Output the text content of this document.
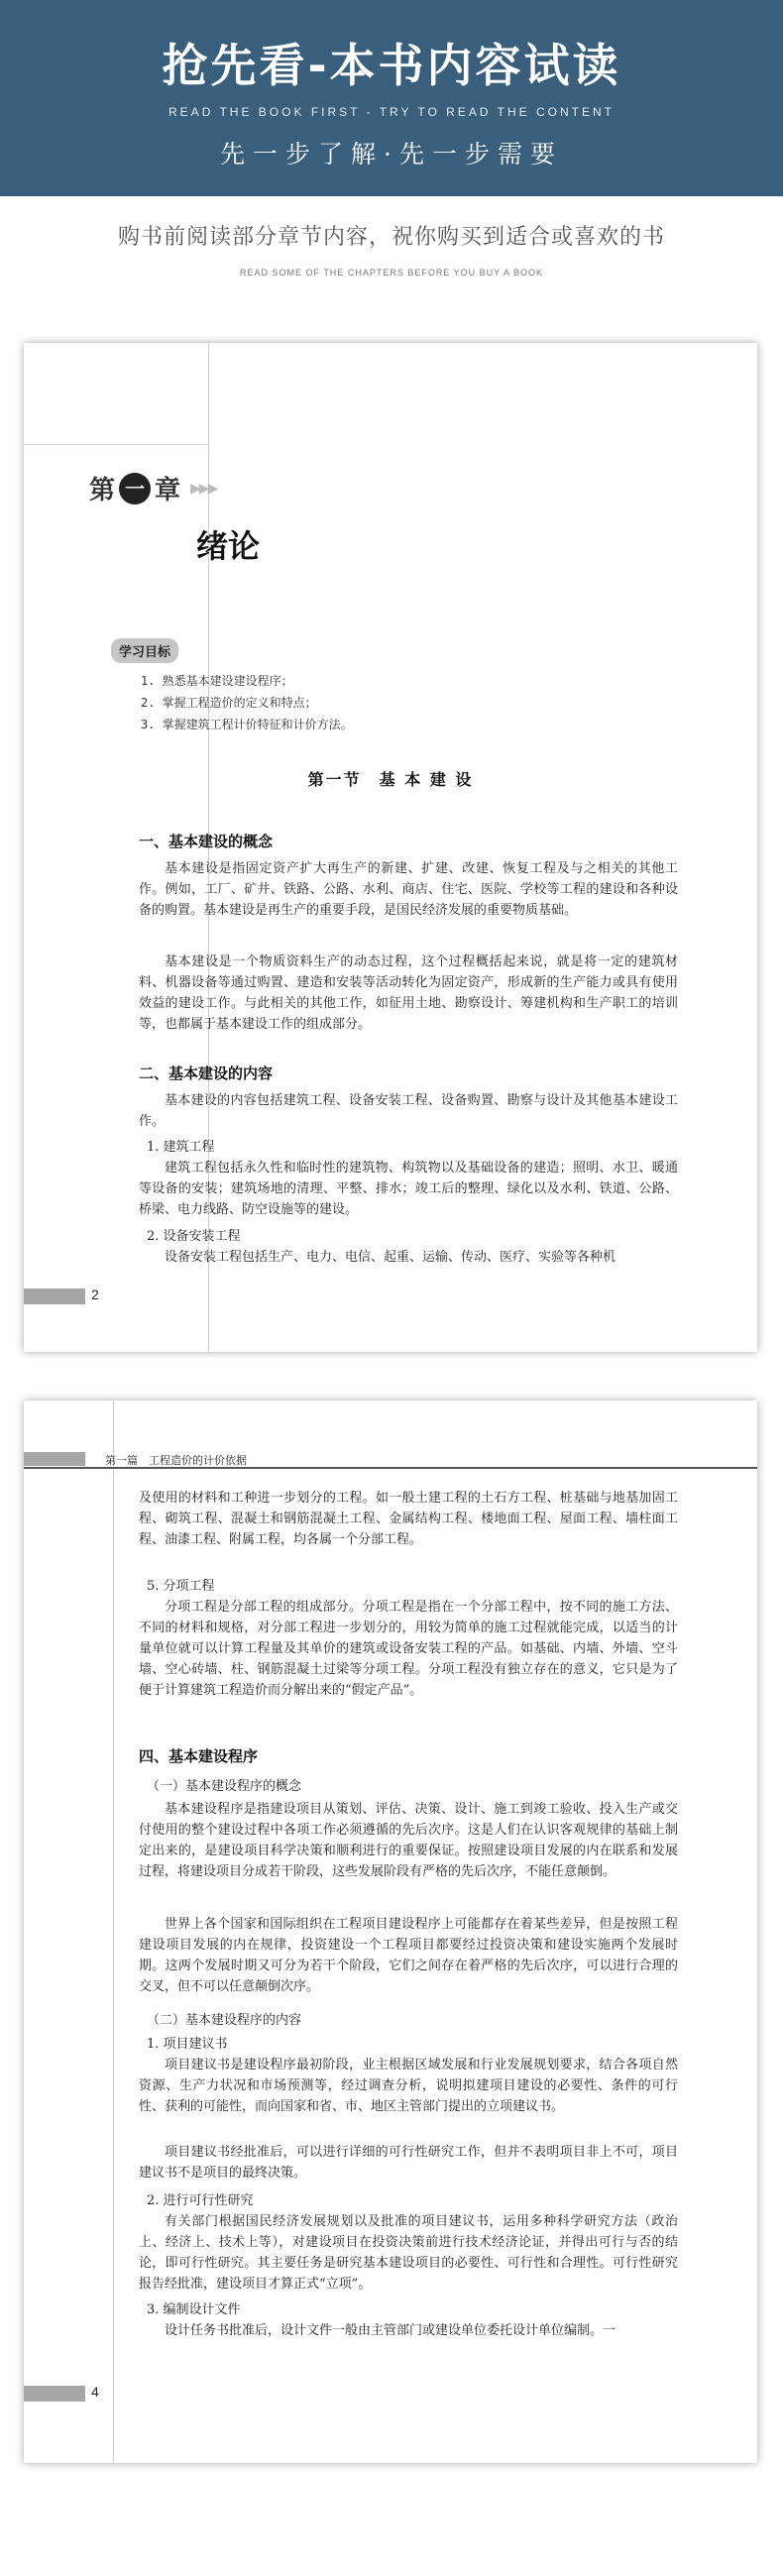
抢先看-本书内容试读
READ THE BOOK FIRST - TRY TO READ THE CONTENT
先一步了解·先一步需要
购书前阅读部分章节内容，祝你购买到适合或喜欢的书
READ SOME OF THE CHAPTERS BEFORE YOU BUY A BOOK
第 一 章 ▶▶▶
绪论
学习目标
1. 熟悉基本建设建设程序；
2. 掌握工程造价的定义和特点；
3. 掌握建筑工程计价特征和计价方法。
第一节　基 本 建 设
一、基本建设的概念
基本建设是指固定资产扩大再生产的新建、扩建、改建、恢复工程及与之相关的其他工作。例如，工厂、矿井、铁路、公路、水利、商店、住宅、医院、学校等工程的建设和各种设备的购置。基本建设是再生产的重要手段，是国民经济发展的重要物质基础。
基本建设是一个物质资料生产的动态过程，这个过程概括起来说，就是将一定的建筑材料、机器设备等通过购置、建造和安装等活动转化为固定资产，形成新的生产能力或具有使用效益的建设工作。与此相关的其他工作，如征用土地、勘察设计、筹建机构和生产职工的培训等，也都属于基本建设工作的组成部分。
二、基本建设的内容
基本建设的内容包括建筑工程、设备安装工程、设备购置、勘察与设计及其他基本建设工作。
1. 建筑工程
建筑工程包括永久性和临时性的建筑物、构筑物以及基础设备的建造；照明、水卫、暖通等设备的安装；建筑场地的清理、平整、排水；竣工后的整理、绿化以及水利、铁道、公路、桥梁、电力线路、防空设施等的建设。
2. 设备安装工程
设备安装工程包括生产、电力、电信、起重、运输、传动、医疗、实验等各种机
2
第一篇　工程造价的计价依据
及使用的材料和工种进一步划分的工程。如一般土建工程的土石方工程、桩基础与地基加固工程、砌筑工程、混凝土和钢筋混凝土工程、金属结构工程、楼地面工程、屋面工程、墙柱面工程、油漆工程、附属工程，均各属一个分部工程。
5. 分项工程
分项工程是分部工程的组成部分。分项工程是指在一个分部工程中，按不同的施工方法、不同的材料和规格，对分部工程进一步划分的，用较为简单的施工过程就能完成，以适当的计量单位就可以计算工程量及其单价的建筑或设备安装工程的产品。如基础、内墙、外墙、空斗墙、空心砖墙、柱、钢筋混凝土过梁等分项工程。分项工程没有独立存在的意义，它只是为了便于计算建筑工程造价而分解出来的“假定产品”。
四、基本建设程序
（一）基本建设程序的概念
基本建设程序是指建设项目从策划、评估、决策、设计、施工到竣工验收、投入生产或交付使用的整个建设过程中各项工作必须遵循的先后次序。这是人们在认识客观规律的基础上制定出来的，是建设项目科学决策和顺利进行的重要保证。按照建设项目发展的内在联系和发展过程，将建设项目分成若干阶段，这些发展阶段有严格的先后次序，不能任意颠倒。
世界上各个国家和国际组织在工程项目建设程序上可能都存在着某些差异，但是按照工程建设项目发展的内在规律，投资建设一个工程项目都要经过投资决策和建设实施两个发展时期。这两个发展时期又可分为若干个阶段，它们之间存在着严格的先后次序，可以进行合理的交叉，但不可以任意颠倒次序。
（二）基本建设程序的内容
1. 项目建议书
项目建议书是建设程序最初阶段，业主根据区域发展和行业发展规划要求，结合各项自然资源、生产力状况和市场预测等，经过调查分析，说明拟建项目建设的必要性、条件的可行性、获利的可能性，而向国家和省、市、地区主管部门提出的立项建议书。
项目建议书经批准后，可以进行详细的可行性研究工作，但并不表明项目非上不可，项目建议书不是项目的最终决策。
2. 进行可行性研究
有关部门根据国民经济发展规划以及批准的项目建议书，运用多种科学研究方法（政治上、经济上、技术上等），对建设项目在投资决策前进行技术经济论证，并得出可行与否的结论，即可行性研究。其主要任务是研究基本建设项目的必要性、可行性和合理性。可行性研究报告经批准，建设项目才算正式“立项”。
3. 编制设计文件
设计任务书批准后，设计文件一般由主管部门或建设单位委托设计单位编制。一
4
